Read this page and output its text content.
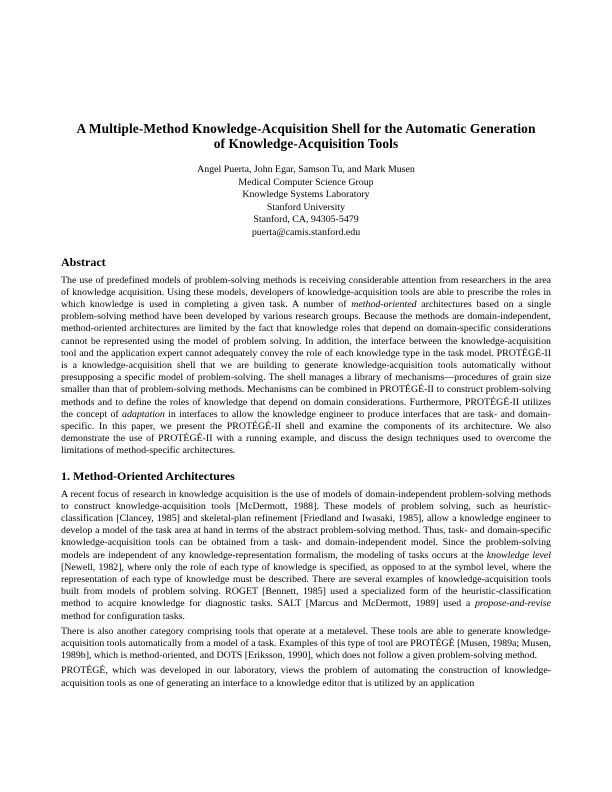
A Multiple-Method Knowledge-Acquisition Shell for the Automatic Generation
of Knowledge-Acquisition Tools
Angel Puerta, John Egar, Samson Tu, and Mark Musen
Medical Computer Science Group
Knowledge Systems Laboratory
Stanford University
Stanford, CA, 94305-5479
puerta@camis.stanford.edu
Abstract

The use of predefined models of problem-solving methods is receiving considerable attention from researchers in the area of knowledge acquisition. Using these models, developers of knowledge-acquisition tools are able to prescribe the roles in which knowledge is used in completing a given task. A number of method-oriented architectures based on a single problem-solving method have been developed by various research groups. Because the methods are domain-independent, method-oriented architectures are limited by the fact that knowledge roles that depend on domain-specific considerations cannot be represented using the model of problem solving. In addition, the interface between the knowledge-acquisition tool and the application expert cannot adequately convey the role of each knowledge type in the task model. PROTÉGÉ-II is a knowledge-acquisition shell that we are building to generate knowledge-acquisition tools automatically without presupposing a specific model of problem-solving. The shell manages a library of mechanisms—procedures of grain size smaller than that of problem-solving methods. Mechanisms can be combined in PROTÉGÉ-II to construct problem-solving methods and to define the roles of knowledge that depend on domain considerations. Furthermore, PROTÉGÉ-II utilizes the concept of adaptation in interfaces to allow the knowledge engineer to produce interfaces that are task- and domain-specific. In this paper, we present the PROTÉGÉ-II shell and examine the components of its architecture. We also demonstrate the use of PROTÉGÉ-II with a running example, and discuss the design techniques used to overcome the limitations of method-specific architectures.

1. Method-Oriented Architectures

A recent focus of research in knowledge acquisition is the use of models of domain-independent problem-solving methods to construct knowledge-acquisition tools [McDermott, 1988]. These models of problem solving, such as heuristic-classification [Clancey, 1985] and skeletal-plan refinement [Friedland and Iwasaki, 1985], allow a knowledge engineer to develop a model of the task area at hand in terms of the abstract problem-solving method. Thus, task- and domain-specific knowledge-acquisition tools can be obtained from a task- and domain-independent model. Since the problem-solving models are independent of any knowledge-representation formalism, the modeling of tasks occurs at the knowledge level [Newell, 1982], where only the role of each type of knowledge is specified, as opposed to at the symbol level, where the representation of each type of knowledge must be described. There are several examples of knowledge-acquisition tools built from models of problem solving. ROGET [Bennett, 1985] used a specialized form of the heuristic-classification method to acquire knowledge for diagnostic tasks. SALT [Marcus and McDermott, 1989] used a propose-and-revise method for configuration tasks.

There is also another category comprising tools that operate at a metalevel. These tools are able to generate knowledge-acquisition tools automatically from a model of a task. Examples of this type of tool are PROTÉGÉ [Musen, 1989a; Musen, 1989b], which is method-oriented, and DOTS [Eriksson, 1990], which does not follow a given problem-solving method.

PROTÉGÉ, which was developed in our laboratory, views the problem of automating the construction of knowledge-acquisition tools as one of generating an interface to a knowledge editor that is utilized by an application
